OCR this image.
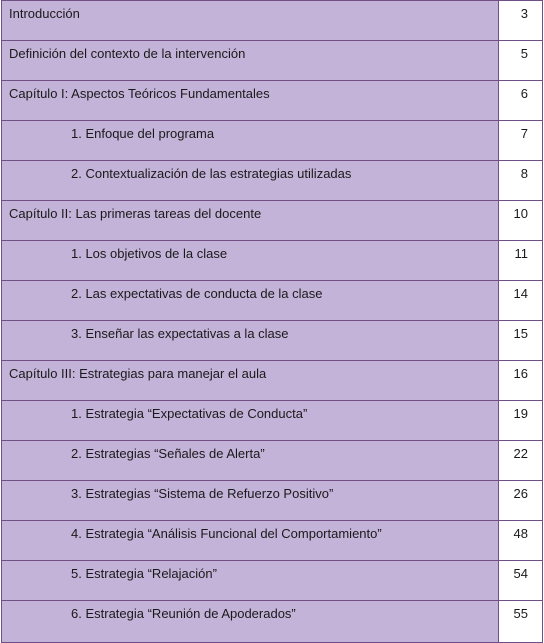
Introducción	3
Definición del contexto de la intervención	5
Capítulo I: Aspectos Teóricos Fundamentales	6
1. Enfoque del programa	7
2. Contextualización de las estrategias utilizadas	8
Capítulo II: Las primeras tareas del docente	10
1. Los objetivos de la clase	11
2. Las expectativas de conducta de la clase	14
3. Enseñar las expectativas a la clase	15
Capítulo III: Estrategias para manejar el aula	16
1. Estrategia “Expectativas de Conducta”	19
2. Estrategias “Señales de Alerta”	22
3. Estrategias “Sistema de Refuerzo Positivo”	26
4. Estrategia “Análisis Funcional del Comportamiento”	48
5. Estrategia “Relajación”	54
6. Estrategia “Reunión de Apoderados”	55
